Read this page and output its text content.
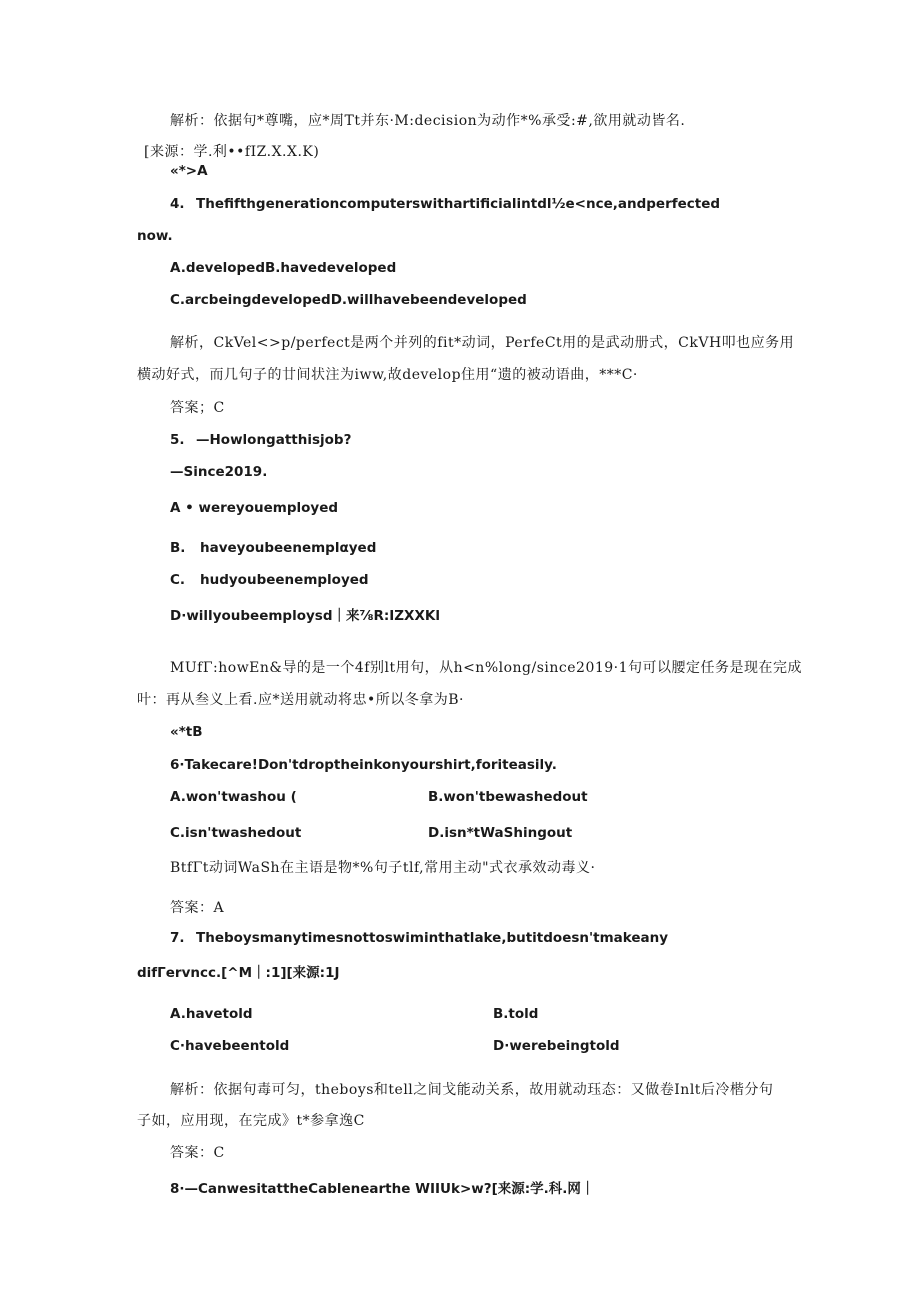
解析：依据句*尊嘴，应*周Tt并东·M:decision为动作*%承受:#,欲用就动皆名.
[来源：学.利••fIZ.X.X.K)
«*>A
4. Thefifthgenerationcomputerswithartificialintdl½e<nce,andperfected
now.
A.developedB.havedeveloped
C.arcbeingdevelopedD.willhavebeendeveloped
解析，CkVel<>p/perfect是两个并列的fit*动词，PerfeCt用的是武动册式，CkVH叩也应务用
横动好式，而几句子的廿间状注为iww,故develop住用“遗的被动语曲，***C·
答案；C
5. —Howlongatthisjob?
—Since2019.
A • wereyouemployed
B. haveyoubeenemplαyed
C. hudyoubeenemployed
D·willyoubeemploysd｜来⅞R:IZXXKl
MUfΓ:howEn&导的是一个4f别lt用句，从h<n%long/since2019·1句可以腰定任务是现在完成
叶：再从叁义上看.应*送用就动将忠•所以冬拿为B·
«*tB
6·Takecare!Don'tdroptheinkonyourshirt,foriteasily.
A.won'twashou (	B.won'tbewashedout
C.isn'twashedout	D.isn*tWaShingout
BtfΓt动词WaSh在主语是物*%句子tlf,常用主动"式衣承效动毒义·
答案：A
7. Theboysmanytimesnottoswiminthatlake,butitdoesn'tmakeany
difΓervncc.[^M｜:1][来源:1J
A.havetold	B.told
C·havebeentold	D·werebeingtold
解析：依据句毒可匀，theboys和tell之间戈能动关系，故用就动珏态：又做卷Inlt后冷楷分句
子如，应用现，在完成》t*参拿逸C
答案：C
8·—CanwesitattheCablenearthe WIIUk>w?[来源:学.科.网｜
